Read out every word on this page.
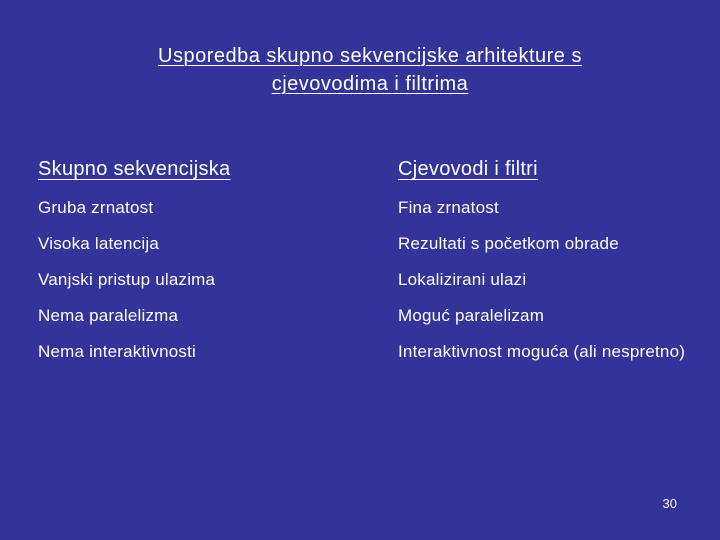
Usporedba skupno sekvencijske arhitekture s
cjevovodima i filtrima
Skupno sekvencijska
Gruba zrnatost
Visoka latencija
Vanjski pristup ulazima
Nema paralelizma
Nema interaktivnosti
Cjevovodi i filtri
Fina zrnatost
Rezultati s početkom obrade
Lokalizirani ulazi
Moguć paralelizam
Interaktivnost moguća (ali nespretno)
30
